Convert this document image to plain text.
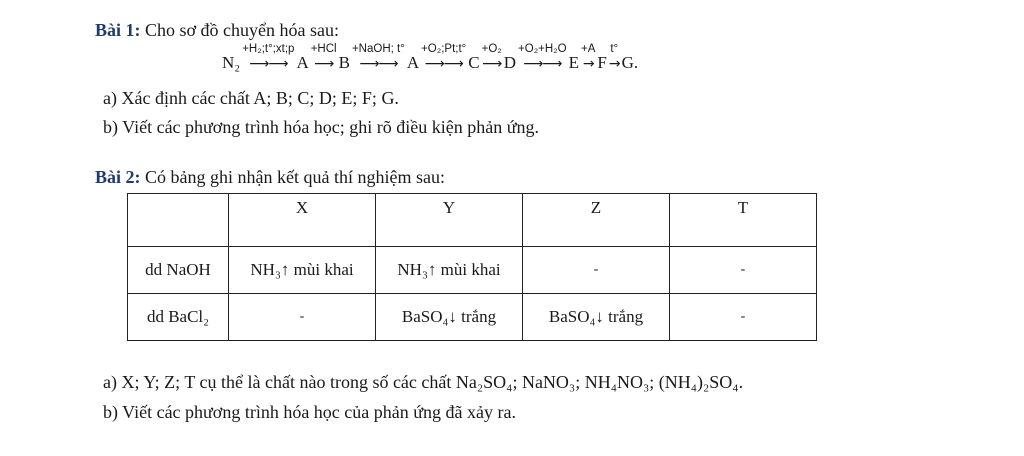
Bài 1: Cho sơ đồ chuyển hóa sau:
N₂
+H₂;t°;xt;p
⟶⟶ A
+HCl
⟶ B
+NaOH; t°
⟶⟶ A
+O₂;Pt;t°
⟶⟶ C
+O₂
⟶ D
+O₂+H₂O
⟶⟶ E
+A
→ F
t°
→ G.
a) Xác định các chất A; B; C; D; E; F; G.
b) Viết các phương trình hóa học; ghi rõ điều kiện phản ứng.
Bài 2: Có bảng ghi nhận kết quả thí nghiệm sau:
	X	Y	Z	T
dd NaOH	NH₃↑ mùi khai	NH₃↑ mùi khai	-	-
dd BaCl₂	-	BaSO₄↓ trắng	BaSO₄↓ trắng	-
a) X; Y; Z; T cụ thể là chất nào trong số các chất Na₂SO₄; NaNO₃; NH₄NO₃; (NH₄)₂SO₄.
b) Viết các phương trình hóa học của phản ứng đã xảy ra.
